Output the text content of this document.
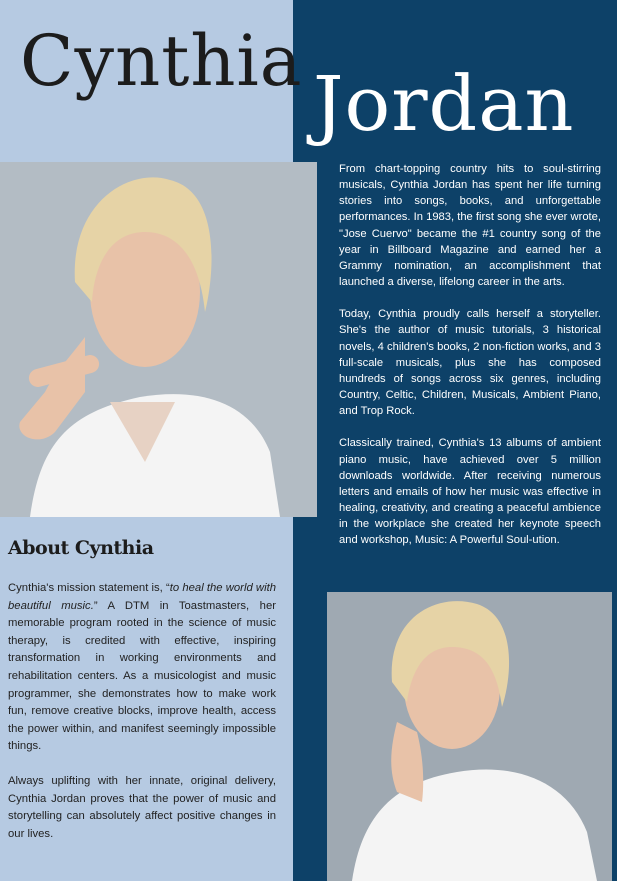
Cynthia Jordan

From chart-topping country hits to soul-stirring musicals, Cynthia Jordan has spent her life turning stories into songs, books, and unforgettable performances. In 1983, the first song she ever wrote, "Jose Cuervo" became the #1 country song of the year in Billboard Magazine and earned her a Grammy nomination, an accomplishment that launched a diverse, lifelong career in the arts.

Today, Cynthia proudly calls herself a storyteller. She's the author of music tutorials, 3 historical novels, 4 children's books, 2 non-fiction works, and 3 full-scale musicals, plus she has composed hundreds of songs across six genres, including Country, Celtic, Children, Musicals, Ambient Piano, and Trop Rock.

Classically trained, Cynthia's 13 albums of ambient piano music, have achieved over 5 million downloads worldwide. After receiving numerous letters and emails of how her music was effective in healing, creativity, and creating a peaceful ambience in the workplace she created her keynote speech and workshop, Music: A Powerful Soul-ution.

About Cynthia

Cynthia's mission statement is, “to heal the world with beautiful music.” A DTM in Toastmasters, her memorable program rooted in the science of music therapy, is credited with effective, inspiring transformation in working environments and rehabilitation centers. As a musicologist and music programmer, she demonstrates how to make work fun, remove creative blocks, improve health, access the power within, and manifest seemingly impossible things.

Always uplifting with her innate, original delivery, Cynthia Jordan proves that the power of music and storytelling can absolutely affect positive changes in our lives.
